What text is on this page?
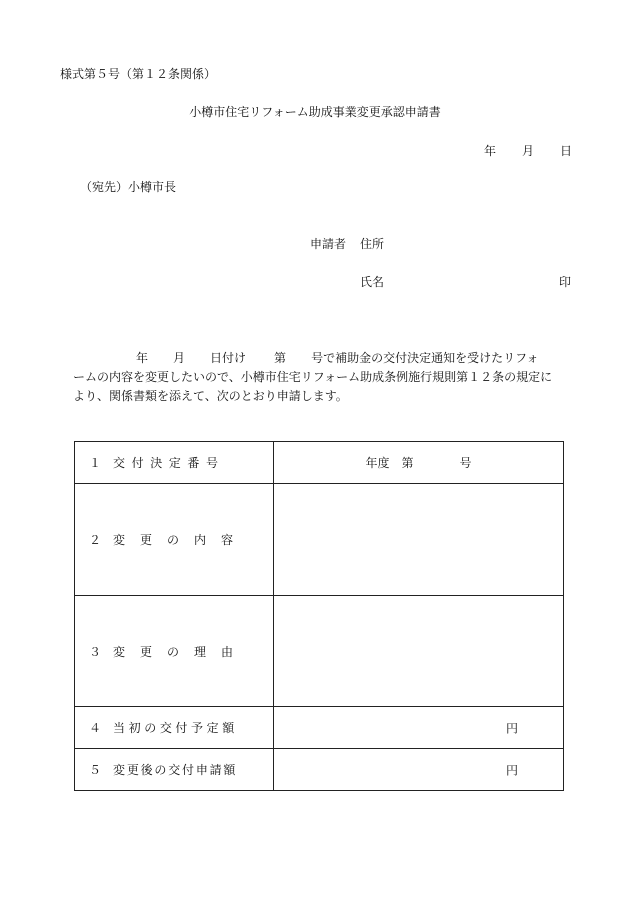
様式第５号（第１２条関係）
小樽市住宅リフォーム助成事業変更承認申請書
年 月 日
（宛先）小樽市長
申請者 住所
氏名	印
年 月 日付け 第 号で補助金の交付決定通知を受けたリフォ
ームの内容を変更したいので、小樽市住宅リフォーム助成条例施行規則第１２条の規定に
より、関係書類を添えて、次のとおり申請します。
１ 交付決定番号	年度 第 号
２ 変更の内容	
３ 変更の理由	
４ 当初の交付予定額	円

５ 変更後の交付申請額	円
